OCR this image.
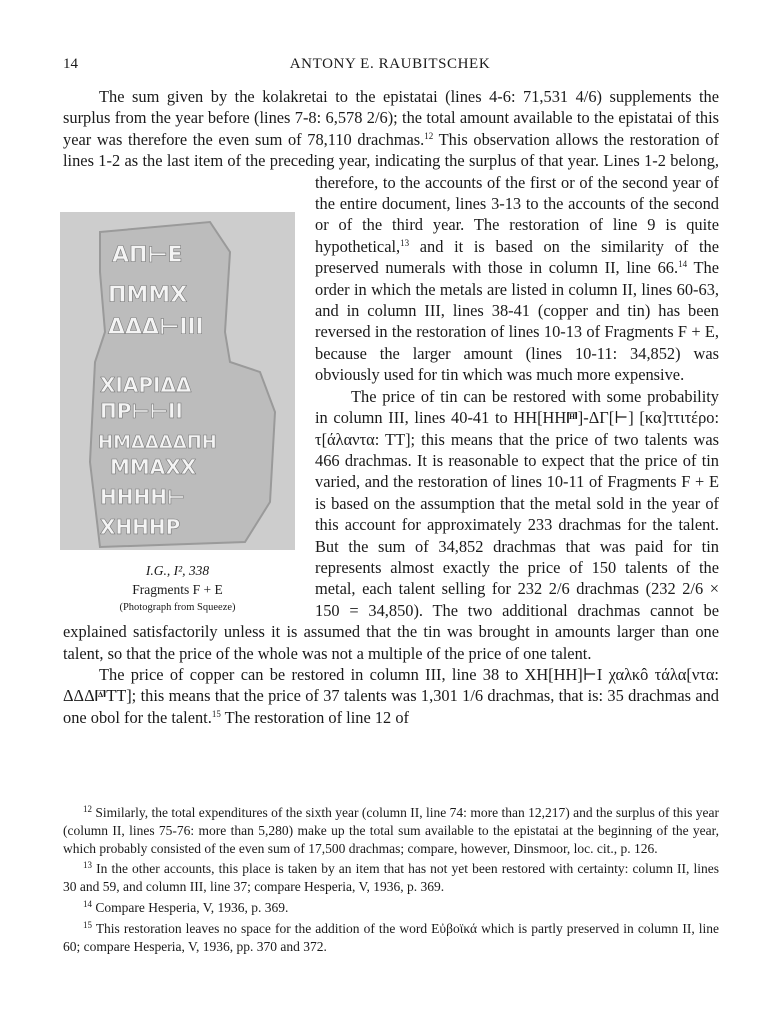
14	ANTONY E. RAUBITSCHEK

The sum given by the kolakretai to the epistatai (lines 4-6: 71,531 4/6) supplements the surplus from the year before (lines 7-8: 6,578 2/6); the total amount available to the epistatai of this year was therefore the even sum of 78,110 drachmas.$^{12}$ This observation allows the restoration of lines 1-2 as the last item of the preceding year, indicating the surplus of that year. Lines 1-2 belong, therefore, to the accounts of the first or of the second year of the entire document, lines 3-13 to the accounts of the second or of the third year. The restoration of line 9 is quite hypothetical,$^{13}$ and it is based on the similarity of the preserved numerals with those in column II, line 66.14 The order in which the metals are listed in column II, lines 60-63, and in column III, lines 38-41 (copper and tin) has been reversed in the restoration of lines 10-13 of Fragments F + E, because the larger amount (lines 10-11: 34,852) was obviously used for tin which was much more expensive.

The price of tin can be restored with some probability in column III, lines 40-41 to ΗΗ[ΗΗ𐅅]-ΔΓ[⊢] [κα]ττιτέρο: τ[άλαντα: ΤΤ]; this means that the price of two talents was 466 drachmas. It is reasonable to expect that the price of tin varied, and the restoration of lines 10-11 of Fragments F + E is based on the assumption that the metal sold in the year of this account for approximately 233 drachmas for the talent. But the sum of 34,852 drachmas that was paid for tin represents almost exactly the price of 150 talents of the metal, each talent selling for 232 2/6 drachmas (232 2/6 × 150 = 34,850). The two additional drachmas cannot be explained satisfactorily unless it is assumed that the tin was brought in amounts larger than one talent, so that the price of the whole was not a multiple of the price of one talent.

The price of copper can be restored in column III, line 38 to ΧΗ[ΗΗ]⊢Ι χαλκô τάλα[ντα: ΔΔΔ𐅄ΤΤ]; this means that the price of 37 talents was 1,301 1/6 drachmas, that is: 35 drachmas and one obol for the talent.$^{15}$ The restoration of line 12 of

ΑΠ⊢Ε
ΠΜΜΧ
ΔΔΔ⊢ΙΙΙ
ΧΙΑΡΙΔΔ
ΠΡ⊢⊢ΙΙ
ΗΜΔΔΔΔΠΗ
ΜΜΑΧΧ
ΗΗΗΗ⊢
ΧΗΗΗΡ
I.G., I², 338
Fragments F + E
(Photograph from Squeeze)

$^{12}$ Similarly, the total expenditures of the sixth year (column II, line 74: more than 12,217) and the surplus of this year (column II, lines 75-76: more than 5,280) make up the total sum available to the epistatai at the beginning of the year, which probably consisted of the even sum of 17,500 drachmas; compare, however, Dinsmoor, loc. cit., p. 126.

$^{13}$ In the other accounts, this place is taken by an item that has not yet been restored with certainty: column II, lines 30 and 59, and column III, line 37; compare Hesperia, V, 1936, p. 369.

$^{14}$ Compare Hesperia, V, 1936, p. 369.

$^{15}$ This restoration leaves no space for the addition of the word Εὐβοϊκά which is partly preserved in column II, line 60; compare Hesperia, V, 1936, pp. 370 and 372.
